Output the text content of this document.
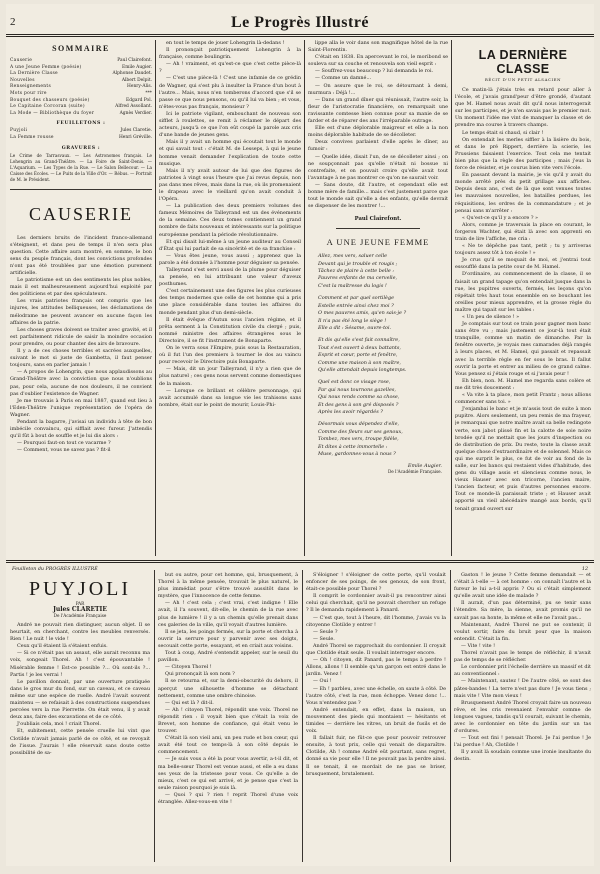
2	Le Progrès Illustré
SOMMAIRE
Causerie	Paul Clairefont.
A une Jeune Femme (poésie)	Emile Augier.
La Dernière Classe	Alphonse Daudet.
Nouvelles	Albert Delpit.
Renseignements	Henry-Alis.
Mots pour rire	***
Bouquet des chasseurs (poésie)	Edgard Pol.
Le Capitaine Corcoran (suite)	Alfred Assollant.
La Mode — Bibliothèque du foyer	Agnès Verdier.
FEUILLETONS :
Puyjoli	Jules Claretie.
La Femme rousse	Henri Gréville.
GRAVURES :
Le Crime de Tarrasvaux. — Les Astronomes français. Le Lohengrin au Grand-Théâtre. — La Foire de Saint-Denis. — L'Aquarium. — Les Types de la Rue. — Le Salon Bellecour. — La Caisse des Écoles. — Le Puits de la Ville d'Or. — Rébus. — Portrait de M. le Président.
CAUSERIE

Les derniers bruits de l'incident franco-allemand s'éteignent, et dans peu de temps il n'en sera plus question. Cette affaire aura montré, en somme, le bon sens du peuple français, dont les convictions profondes n'ont pas été troublées par une émotion purement artificielle.

Le patriotisme est un des sentiments les plus nobles, mais il est malheureusement aujourd'hui exploité par des politiciens et par des spéculateurs.

Les vrais patriotes français ont compris que les injures, les attitudes belliqueuses, les déclamations de mélodrame ne peuvent avancer en aucune façon les affaires de la patrie.

Les choses graves doivent se traiter avec gravité, et il est parfaitement ridicule de saisir la moindre occasion pour prendre, ou pour chanter des airs de bravoure.

Il y a de ces choses terribles et sacrées auxquelles, suivant le mot si juste de Gambetta, il faut penser toujours, sans en parler jamais !

— A propos de Lohengrin, que nous applaudissons au Grand-Théâtre avec la conviction que nous n'oublions pas, pour cela, aucune de nos douleurs, il ne convient pas d'oublier l'existence de Wagner.

Je me trouvais à Paris en mai 1887, quand eut lieu à l'Eden-Théâtre l'unique représentation de l'opéra de Wagner.

Pendant la bagarre, j'avisai un individu à tête de bon imbécile convaincu, qui sifflait avec fureur. J'attendis qu'il fût à bout de souffle et je lui dis alors :

— Pourquoi faut-on tout ce vacarme ?

— Comment, vous ne savez pas ? fit-il

en tout le temps de jouer Lohengrin là-dedans !

Il prononçait patriotiquement Lohengrin à la française, comme boulingrin.

— Ah ! vraiment, et qu'est-ce que c'est cette pièce-là ?

— C'est une pièce-là ! C'est une infamie de ce grédin de Wagner, qui s'est plu à insulter la France d'un bout à l'autre... Mais, nous n'en tomberons d'accord que s'il se passe ce que nous pensons, ou qu'il lui va bien ; et vous, n'êtes-vous pas français, monsieur ?

Ici le patriote vigilant, embouchant de nouveau son sifflet à roulettes, se remit à réclamer le départ des acteurs, jusqu'à ce que l'on eût coupé la parole aux cris d'une bande de jeunes gens.

Mais il y avait un homme qui écoutait tout le monde et qui savait tout : c'était M. de Lesseps, à qui le jeune homme venait demander l'explication de toute cette musique.

Mais il n'y avait autour de lui que des figures de patriotes à vingt sous l'heure que j'ai revus depuis, non pas dans mes rêves, mais dans la rue, où ils promenaient le drapeau avec le vieillard qu'on avait conduit à l'Opéra.

— La publication des deux premiers volumes des fameux Mémoires de Talleyrand est un des événements de la semaine. Ces deux tomes contiennent un grand nombre de faits nouveaux et intéressants sur la politique européenne pendant la période révolutionnaire.

Et qui disait lui-même à un jeune auditeur au Conseil d'État qui lui parlait de sa sincérité et de sa franchise :

— Vous êtes jeune, vous aussi ; apprenez que la parole a été donnée à l'homme pour déguiser sa pensée.

Talleyrand s'est servi aussi de la plume pour déguiser sa pensée, en lui attribuant une valeur d'aveux posthumes.

C'est certainement une des figures les plus curieuses des temps modernes que celle de cet homme qui a pris une place considérable dans toutes les affaires du monde pendant plus d'un demi-siècle.

Il était évêque d'Autun sous l'ancien régime, et il prêta serment à la Constitution civile du clergé ; puis, nommé ministre des affaires étrangères sous le Directoire, il se fit l'instrument de Bonaparte.

On le verra sous l'Empire, puis sous la Restauration, où il fut l'un des premiers à tourner le dos au vaincu pour recevoir le Directoire puis Bonaparte.

— Mais, dit un jour Talleyrand, il n'y a rien que de plus naturel ; ces gens nous servent comme domestiques de la maison.

— Lorsque ce brillant et célèbre personnage, qui avait accumulé dans sa longue vie les trahisons sans nombre, était sur le point de mourir, Louis-Phi-

lippe alla le voir dans son magnifique hôtel de la rue Saint-Florentin.

C'était en 1838. En apercevant le roi, le moribond se souleva sur sa couche et renouvela son vieil esprit :

— Souffrez-vous beaucoup ? lui demanda le roi.

— Comme un damné...

— On assure que le roi, se détournant à demi, murmura : Déjà !...

— Dans un grand dîner qui réunissait, l'autre soir, la fleur de l'aristocratie financière, on remarquait une ravissante comtesse bien connue pour sa manie de se farder et de réparer des ans l'irréparable outrage.

Elle est d'une déplorable maigreur et elle a la non moins déplorable habitude de se décolleter.

Deux convives parlaient d'elle après le dîner, au fumoir :

— Quelle idée, disait l'un, de se décolleter ainsi ; on ne soupçonnait pas qu'elle n'était ni bossue ni contrefaite, et on pouvait croire qu'elle avait tout l'avantage à ne pas montrer ce qu'on ne saurait voir.

— Sans doute, dit l'autre, et cependant elle est bonne mère de famille... mais c'est justement parce que tout le monde sait qu'elle a des enfants, qu'elle devrait se dispenser de les montrer !...

Paul Clairefont.
A UNE JEUNE FEMME
Allez, mes vers, saluer celle
Devant qui je trouble et rougis ;
Tâchez de plaire à cette belle :
Pauvres enfants de ma cervelle,
C'est la maîtresse du logis !
Comment et par quel sortilège
Estelle entrée ainsi chez moi ?
O mes pauvres amis, qu'en sais-je ?
Il n'a pas été long le siège !
Elle a dit : Sésame, ouvre-toi.
Et dis qu'elle s'est fait connaître,
Tout s'est ouvert à deux battants,
Esprit et cœur, porte et fenêtre,
Comme une maison à son maître,
Qu'elle attendait depuis longtemps.
Quel est donc ce visage rose,
Par qui nous tournons gazelles,
Qui nous rends comme sa chose,
Et des gens à son gré disposés ?
Après les avoir régardés ?
Désormais vous dépendez d'elle,
Comme des fleurs sur ses genoux,
Tombez, mes vers, troupe fidèle,
Et dites à cette immortelle :
Muse, gardonnes-vous à nous ?
Emile Augier.
De l'Académie Française.
LA DERNIÈRE CLASSE
RÉCIT D'UN PETIT ALSACIEN

Ce matin-là j'étais très en retard pour aller à l'école, et j'avais grand'peur d'être grondé, d'autant que M. Hamel nous avait dit qu'il nous interrogerait sur les participes, et je n'en savais pas le premier mot. Un moment l'idée me vint de manquer la classe et de prendre ma course à travers champs.

Le temps était si chaud, si clair !

On entendait les merles siffler à la lisière du bois, et dans le pré Rippert, derrière la scierie, les Prussiens faisaient l'exercice. Tout cela me tentait bien plus que la règle des participes ; mais j'eus la force de résister, et je courus bien vite vers l'école.

En passant devant la mairie, je vis qu'il y avait du monde arrêté près du petit grillage aux affiches. Depuis deux ans, c'est de là que sont venues toutes les mauvaises nouvelles, les batailles perdues, les réquisitions, les ordres de la commandature ; et je pensai sans m'arrêter :

« Qu'est-ce qu'il y a encore ? »

Alors, comme je traversais la place en courant, le forgeron Wachter, qui était là avec son apprenti en train de lire l'affiche, me cria :

« Ne te dépêche pas tant, petit ; tu y arriveras toujours assez tôt à ton école ! »

Je crus qu'il se moquait de moi, et j'entrai tout essoufflé dans la petite cour de M. Hamel.

D'ordinaire, au commencement de la classe, il se faisait un grand tapage qu'on entendait jusque dans la rue, les pupitres ouverts, fermés, les leçons qu'on répétait très haut tous ensemble en se bouchant les oreilles pour mieux apprendre, et la grosse règle du maître qui tapait sur les tables :

« Un peu de silence ! »

Je comptais sur tout ce train pour gagner mon banc sans être vu ; mais justement ce jour-là tout était tranquille, comme un matin de dimanche. Par la fenêtre ouverte, je voyais mes camarades déjà rangés à leurs places, et M. Hamel, qui passait et repassait avec la terrible règle en fer sous le bras. Il fallut ouvrir la porte et entrer au milieu de ce grand calme. Vous pensez si j'étais rouge et si j'avais peur !

Eh bien, non. M. Hamel me regarda sans colère et me dit très doucement :

« Va vite à ta place, mon petit Frantz ; nous allions commencer sans toi. »

J'enjambai le banc et je m'assis tout de suite à mon pupitre. Alors seulement, un peu remis de ma frayeur, je remarquai que notre maître avait sa belle redingote verte, son jabot plissé fin et la calotte de soie noire brodée qu'il ne mettait que les jours d'inspection ou de distribution de prix. Du reste, toute la classe avait quelque chose d'extraordinaire et de solennel. Mais ce qui me surprit le plus, ce fut de voir au fond de la salle, sur les bancs qui restaient vides d'habitude, des gens du village assis et silencieux comme nous, le vieux Hauser avec son tricorne, l'ancien maire, l'ancien facteur, et puis d'autres personnes encore. Tout ce monde-là paraissait triste ; et Hauser avait apporté un vieil abécédaire mangé aux bords, qu'il tenait grand ouvert sur

Feuilleton du PROGRÈS ILLUSTRÉ	12
PUYJOLI
PAR
Jules CLARETIE
De l'Académie Française

André ne pouvait rien distinguer, aucun objet. Il se heurtait, en cherchant, contre les meubles renversés. Rien ! Le nuit ! le vide !

Ceux qu'il étaient là s'étaient enfuis.

— Si ce n'était pas un assaut, elle aurait reconnu ma voix, songeait Thorel. Ah ! c'est épouvantable ! Misérable femme ! Est-ce possible ?... Où sont-ils ?... Partis ! je les verrai !

Le pavillon donnait, par une ouverture pratiquée dans le gros mur du fond, sur un caveau, et ce caveau même sur une espèce de ruelle. André l'avait souvent maintenu — se refaisait à des constructions suspendues percées vers la rue Pierrette. On était venu, il y avait deux ans, faire des excavations et de ce côté.

J'oubliais cela, moi ! criait Thorel.

Et, subitement, cette pensée cruelle lui vint que Clotilde n'avait jamais parlé de ce côté, et se revoyait de l'issue. J'aurais ! elle réservait sans doute cette possibilité de sa-

but ou autre, pour cet homme, qui, brusquement, à Thorel à la même pensée, trouvait le plus naturel, le plus immédiat pour s'être trouvé aussitôt dans le mystère, que l'innocence de cette femme.

— Ah ! c'est cela ; c'est vrai, c'est indigne ! Elle avait, il l'a souvent, dit-elle, le chemin de la rue avec plus de lumière ! il y a un chemin qu'elle prenait dans ces galeries de la ville, qu'il voyait d'autres lumière.

Il se jeta, les poings fermés, sur la porte et chercha à ouvrir la serrure pour y parvenir avec ses doigts, secouait cette porte, essayant, et en criait aux voisins.

Tout à coup, André s'entendit appeler, sur le seuil du pavillon.

— Citoyen Thorel !

Qui prononçait là son nom ?

Il se retourna et, sur la demi-obscurité du dehors, il aperçut une silhouette d'homme se détachant nettement, comme une ombre chinoise.

— Qui est là ? dit-il.

— Ah ! citoyen Thorel, répondit une voix. Thorel ne répondit rien : il voyait bien que c'était la voix de Brevet, son homme de confiance, qui était venu le trouver.

C'était là son vieil ami, un peu rude et bon cœur, qui avait été tout ce temps-là à son côté depuis le commencement.

— Je suis vous a été la pour vous avertir, a-t-il dit, et ma belle-sœur Thorel est venue aussi, et elle a eu dans ses yeux de la tristesse pour vous. Ce qu'elle a de mieux, c'est ce qui est arrivé, et je pense que c'est la seule raison pourquoi je suis là.

— Quoi ? qui ? rien ! reprit Thorel d'une voix étranglée. Allez-vous-en vite !

S'éloigner ! s'éloigner de cette porte, qu'il voulait enfoncer de ses poings, de ses genoux, de son front, était-ce possible pour Thorel ?

Il comprit le cordonnier avait-il pu rencontrer ainsi celui qui cherchait, qu'il ne pouvait chercher un refuge ? Il le demanda rapidement à Panard.

— C'est que, tout à l'heure, dit l'homme, j'avais vu la citoyenne Clotilde y entrer !

— Seule ?

— Seule.

André Thorel se rapprochait du cordonnier. Il croyait que Clotilde était seule. Il voulait interroger encore.

— Oh ! citoyen, dit Panard, pas le temps à perdre ! Allons, allons ! Il semble qu'un garçon est entré dans le jardin. Venez !

— Oui !

— Eh ! parbleu, avec une échelle, on saute à côté. De l'autre côté, c'est la rue, mon échoppe. Venez donc !... Vous n'entendez pas ?

André entendait, en effet, dans la maison, un mouvement des pieds qui montaient — hésitants et timides — derrière les vitres, un bruit de fusils et de voix.

Il fallait fuir, ne fût-ce que pour pouvoir retrouver ensuite, à tout prix, celle qui venait de disparaître. Clotilde, Ah ! comme André eût pourtant, sans regret, donné sa vie pour elle ! Il ne pouvait pas la perdre ainsi. Il se tenait, il se mordait de ne pas se briser, brusquement, brutalement.

Gaston ! le jeune ? Cette femme demandait — et c'était à t-elle — à cet homme : on connaît l'autre et la fureur le lui a-t-il appris ? Ou si c'était simplement qu'elle avait une idée de malade ?

Il aurait, d'un pas déterminé, pu se tenir sans l'étendre. Sa mère, la sienne, avait promis qu'il ne savait pas sa honte, la même et elle ne l'avait pas...

Maintenant, André Thorel ne put se contenir, il voulut sortir, faire du bruit pour que la maison entendit. C'était la fin.

— Vite ! vite !

Thorel n'avait pas le temps de réfléchir, il n'avait pas de temps de se réflécher.

Le cordonnier prit l'échelle derrière un massif et dit au conventionnel :

— Maintenant, sautez ! De l'autre côté, se sont des pâtes-bandes ! La terre n'est pas dure ! Je vous tiens ; mais vite ! Vite mon vieux !

Brusquement André Thorel croyait faire un nouveau rêve, et les cris revenaient l'envahir comme de longues vagues, tandis qu'il courait, suivant le chemin, avec le cordonnier en tête du jardin sur un tas d'ordures.

— Tout est fini ! pensait Thorel. Je l'ai perdue ! Je l'ai perdue ! Ah, Clotilde !

Il y avait là soudain comme une ironie insultante du destin.
